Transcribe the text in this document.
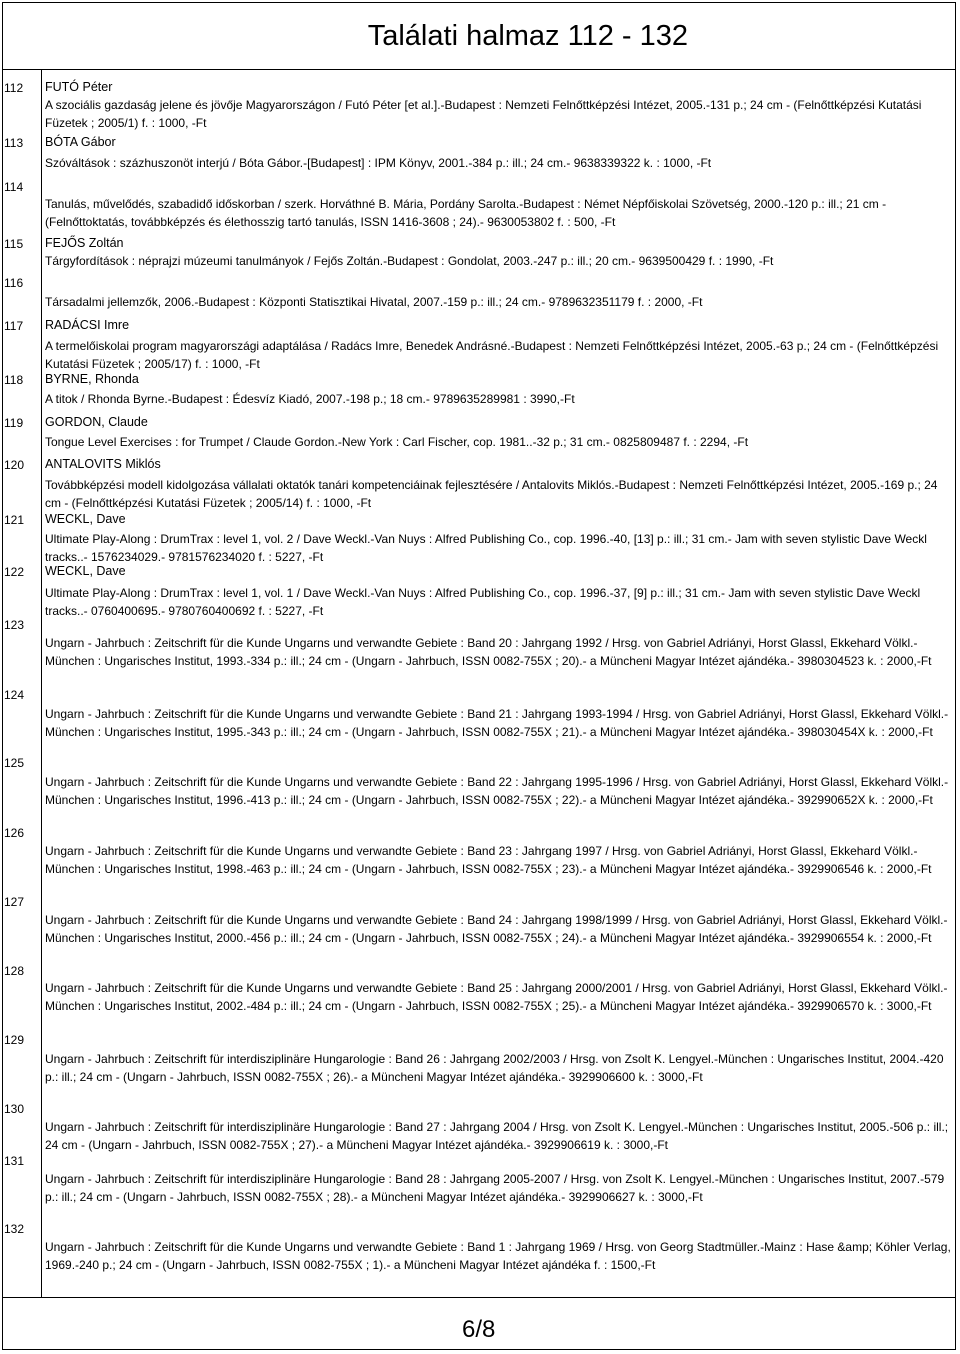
Találati halmaz 112 - 132
112	FUTÓ Péter
A szociális gazdaság jelene és jövője Magyarországon / Futó Péter [et al.].-Budapest : Nemzeti Felnőttképzési Intézet, 2005.-131 p.; 24 cm - (Felnőttképzési Kutatási Füzetek ; 2005/1) f. : 1000, -Ft
113	BÓTA Gábor
Szóváltások : százhuszonöt interjú / Bóta Gábor.-[Budapest] : IPM Könyv, 2001.-384 p.: ill.; 24 cm.- 9638339322 k. : 1000, -Ft
114
Tanulás, művelődés, szabadidő időskorban / szerk. Horváthné B. Mária, Pordány Sarolta.-Budapest : Német Népfőiskolai Szövetség, 2000.-120 p.: ill.; 21 cm - (Felnőttoktatás, továbbképzés és élethosszig tartó tanulás, ISSN 1416-3608 ; 24).- 9630053802 f. : 500, -Ft
115	FEJŐS Zoltán
Tárgyfordítások : néprajzi múzeumi tanulmányok / Fejős Zoltán.-Budapest : Gondolat, 2003.-247 p.: ill.; 20 cm.- 9639500429 f. : 1990, -Ft
116
Társadalmi jellemzők, 2006.-Budapest : Központi Statisztikai Hivatal, 2007.-159 p.: ill.; 24 cm.- 9789632351179 f. : 2000, -Ft
117	RADÁCSI Imre
A termelőiskolai program magyarországi adaptálása / Radács Imre, Benedek Andrásné.-Budapest : Nemzeti Felnőttképzési Intézet, 2005.-63 p.; 24 cm - (Felnőttképzési Kutatási Füzetek ; 2005/17) f. : 1000, -Ft
118	BYRNE, Rhonda
A titok / Rhonda Byrne.-Budapest : Édesvíz Kiadó, 2007.-198 p.; 18 cm.- 9789635289981 : 3990,-Ft
119	GORDON, Claude
Tongue Level Exercises : for Trumpet / Claude Gordon.-New York : Carl Fischer, cop. 1981..-32 p.; 31 cm.- 0825809487 f. : 2294, -Ft
120	ANTALOVITS Miklós
Továbbképzési modell kidolgozása vállalati oktatók tanári kompetenciáinak fejlesztésére / Antalovits Miklós.-Budapest : Nemzeti Felnőttképzési Intézet, 2005.-169 p.; 24 cm - (Felnőttképzési Kutatási Füzetek ; 2005/14) f. : 1000, -Ft
121	WECKL, Dave
Ultimate Play-Along : DrumTrax : level 1, vol. 2 / Dave Weckl.-Van Nuys : Alfred Publishing Co., cop. 1996.-40, [13] p.: ill.; 31 cm.- Jam with seven stylistic Dave Weckl tracks..- 1576234029.- 9781576234020 f. : 5227, -Ft
122	WECKL, Dave
Ultimate Play-Along : DrumTrax : level 1, vol. 1 / Dave Weckl.-Van Nuys : Alfred Publishing Co., cop. 1996.-37, [9] p.: ill.; 31 cm.- Jam with seven stylistic Dave Weckl tracks..- 0760400695.- 9780760400692 f. : 5227, -Ft
123
Ungarn - Jahrbuch : Zeitschrift für die Kunde Ungarns und verwandte Gebiete : Band 20 : Jahrgang 1992 / Hrsg. von Gabriel Adriányi, Horst Glassl, Ekkehard Völkl.-München : Ungarisches Institut, 1993.-334 p.: ill.; 24 cm - (Ungarn - Jahrbuch, ISSN 0082-755X ; 20).- a Müncheni Magyar Intézet ajándéka.- 3980304523 k. : 2000,-Ft
124
Ungarn - Jahrbuch : Zeitschrift für die Kunde Ungarns und verwandte Gebiete : Band 21 : Jahrgang 1993-1994 / Hrsg. von Gabriel Adriányi, Horst Glassl, Ekkehard Völkl.-München : Ungarisches Institut, 1995.-343 p.: ill.; 24 cm - (Ungarn - Jahrbuch, ISSN 0082-755X ; 21).- a Müncheni Magyar Intézet ajándéka.- 398030454X k. : 2000,-Ft
125
Ungarn - Jahrbuch : Zeitschrift für die Kunde Ungarns und verwandte Gebiete : Band 22 : Jahrgang 1995-1996 / Hrsg. von Gabriel Adriányi, Horst Glassl, Ekkehard Völkl.-München : Ungarisches Institut, 1996.-413 p.: ill.; 24 cm - (Ungarn - Jahrbuch, ISSN 0082-755X ; 22).- a Müncheni Magyar Intézet ajándéka.- 392990652X k. : 2000,-Ft
126
Ungarn - Jahrbuch : Zeitschrift für die Kunde Ungarns und verwandte Gebiete : Band 23 : Jahrgang 1997 / Hrsg. von Gabriel Adriányi, Horst Glassl, Ekkehard Völkl.-München : Ungarisches Institut, 1998.-463 p.: ill.; 24 cm - (Ungarn - Jahrbuch, ISSN 0082-755X ; 23).- a Müncheni Magyar Intézet ajándéka.- 3929906546 k. : 2000,-Ft
127
Ungarn - Jahrbuch : Zeitschrift für die Kunde Ungarns und verwandte Gebiete : Band 24 : Jahrgang 1998/1999 / Hrsg. von Gabriel Adriányi, Horst Glassl, Ekkehard Völkl.-München : Ungarisches Institut, 2000.-456 p.: ill.; 24 cm - (Ungarn - Jahrbuch, ISSN 0082-755X ; 24).- a Müncheni Magyar Intézet ajándéka.- 3929906554 k. : 2000,-Ft
128
Ungarn - Jahrbuch : Zeitschrift für die Kunde Ungarns und verwandte Gebiete : Band 25 : Jahrgang 2000/2001 / Hrsg. von Gabriel Adriányi, Horst Glassl, Ekkehard Völkl.-München : Ungarisches Institut, 2002.-484 p.: ill.; 24 cm - (Ungarn - Jahrbuch, ISSN 0082-755X ; 25).- a Müncheni Magyar Intézet ajándéka.- 3929906570 k. : 3000,-Ft
129
Ungarn - Jahrbuch : Zeitschrift für interdisziplinäre Hungarologie : Band 26 : Jahrgang 2002/2003 / Hrsg. von Zsolt K. Lengyel.-München : Ungarisches Institut, 2004.-420 p.: ill.; 24 cm - (Ungarn - Jahrbuch, ISSN 0082-755X ; 26).- a Müncheni Magyar Intézet ajándéka.- 3929906600 k. : 3000,-Ft
130
Ungarn - Jahrbuch : Zeitschrift für interdisziplinäre Hungarologie : Band 27 : Jahrgang 2004 / Hrsg. von Zsolt K. Lengyel.-München : Ungarisches Institut, 2005.-506 p.: ill.; 24 cm - (Ungarn - Jahrbuch, ISSN 0082-755X ; 27).- a Müncheni Magyar Intézet ajándéka.- 3929906619 k. : 3000,-Ft
131
Ungarn - Jahrbuch : Zeitschrift für interdisziplinäre Hungarologie : Band 28 : Jahrgang 2005-2007 / Hrsg. von Zsolt K. Lengyel.-München : Ungarisches Institut, 2007.-579 p.: ill.; 24 cm - (Ungarn - Jahrbuch, ISSN 0082-755X ; 28).- a Müncheni Magyar Intézet ajándéka.- 3929906627 k. : 3000,-Ft
132
Ungarn - Jahrbuch : Zeitschrift für die Kunde Ungarns und verwandte Gebiete : Band 1 : Jahrgang 1969 / Hrsg. von Georg Stadtmüller.-Mainz : Hase &amp; Köhler Verlag, 1969.-240 p.; 24 cm - (Ungarn - Jahrbuch, ISSN 0082-755X ; 1).- a Müncheni Magyar Intézet ajándéka f. : 1500,-Ft
6/8
